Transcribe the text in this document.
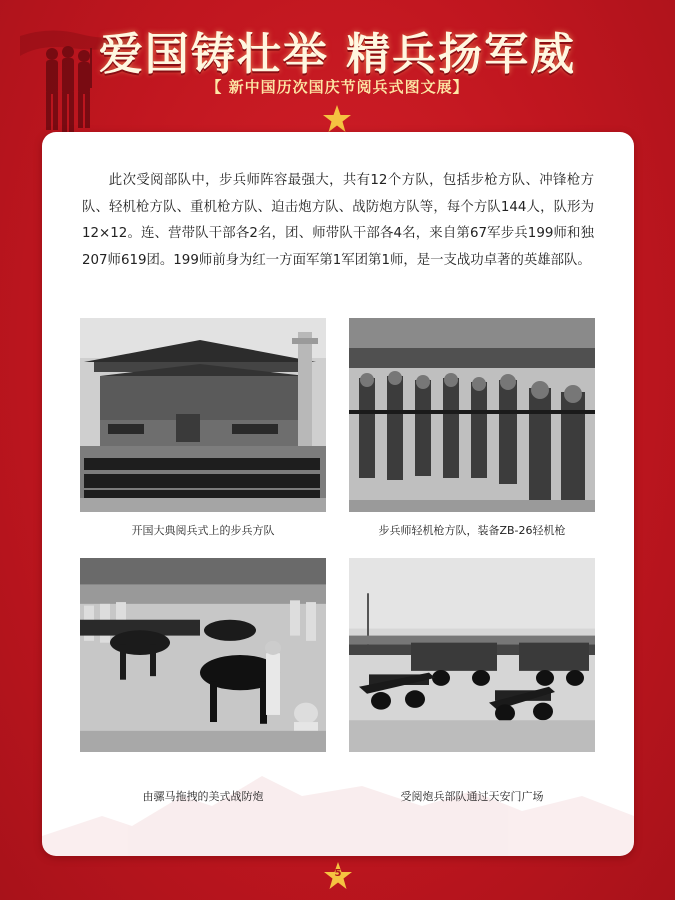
爱国铸壮举 精兵扬军威
【 新中国历次国庆节阅兵式图文展】

此次受阅部队中，步兵师阵容最强大，共有12个方队，包括步枪方队、冲锋枪方队、轻机枪方队、重机枪方队、迫击炮方队、战防炮方队等，每个方队144人，队形为12×12。连、营带队干部各2名，团、师带队干部各4名，来自第67军步兵199师和独207师619团。199师前身为红一方面军第1军团第1师，是一支战功卓著的英雄部队。

开国大典阅兵式上的步兵方队	步兵师轻机枪方队，装备ZB-26轻机枪
由骡马拖拽的美式战防炮	受阅炮兵部队通过天安门广场
5
